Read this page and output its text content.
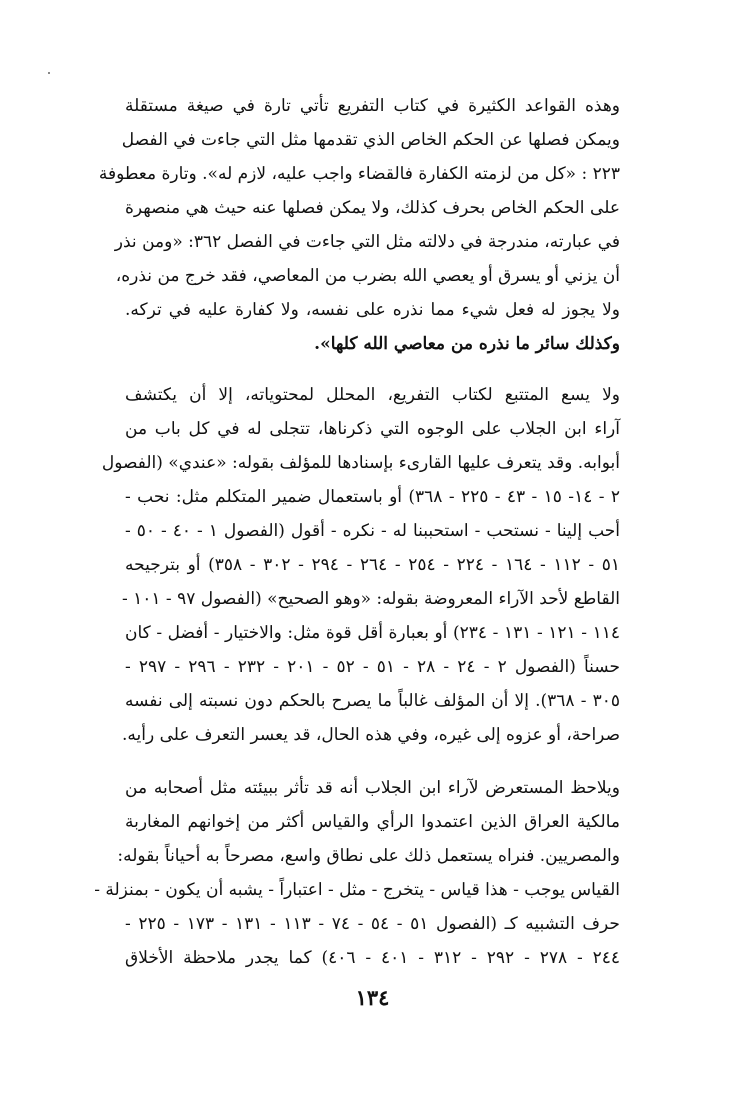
وهذه القواعد الكثيرة في كتاب التفريع تأتي تارة في صيغة مستقلة
ويمكن فصلها عن الحكم الخاص الذي تقدمها مثل التي جاءت في الفصل
٢٢٣ : «كل من لزمته الكفارة فالقضاء واجب عليه، لازم له». وتارة معطوفة
على الحكم الخاص بحرف كذلك، ولا يمكن فصلها عنه حيث هي منصهرة
في عبارته، مندرجة في دلالته مثل التي جاءت في الفصل ٣٦٢: «ومن نذر
أن يزني أو يسرق أو يعصي الله بضرب من المعاصي، فقد خرج من نذره،
ولا يجوز له فعل شيء مما نذره على نفسه، ولا كفارة عليه في تركه.
وكذلك سائر ما نذره من معاصي الله كلها».
ولا يسع المتتبع لكتاب التفريع، المحلل لمحتوياته، إلا أن يكتشف
آراء ابن الجلاب على الوجوه التي ذكرناها، تتجلى له في كل باب من
أبوابه. وقد يتعرف عليها القارىء بإسنادها للمؤلف بقوله: «عندي» (الفصول
٢ - ١٤- ١٥ - ٤٣ - ٢٢٥ - ٣٦٨) أو باستعمال ضمير المتكلم مثل: نحب -
أحب إلينا - نستحب - استحببنا له - نكره - أقول (الفصول ١ - ٤٠ - ٥٠ -
٥١ - ١١٢ - ١٦٤ - ٢٢٤ - ٢٥٤ - ٢٦٤ - ٢٩٤ - ٣٠٢ - ٣٥٨) أو بترجيحه
القاطع لأحد الآراء المعروضة بقوله: «وهو الصحيح» (الفصول ٩٧ - ١٠١ -
١١٤ - ١٢١ - ١٣١ - ٢٣٤) أو بعبارة أقل قوة مثل: والاختيار - أفضل - كان
حسناً (الفصول ٢ - ٢٤ - ٢٨ - ٥١ - ٥٢ - ٢٠١ - ٢٣٢ - ٢٩٦ - ٢٩٧ -
٣٠٥ - ٣٦٨). إلا أن المؤلف غالباً ما يصرح بالحكم دون نسبته إلى نفسه
صراحة، أو عزوه إلى غيره، وفي هذه الحال، قد يعسر التعرف على رأيه.
ويلاحظ المستعرض لآراء ابن الجلاب أنه قد تأثر ببيئته مثل أصحابه من
مالكية العراق الذين اعتمدوا الرأي والقياس أكثر من إخوانهم المغاربة
والمصريين. فنراه يستعمل ذلك على نطاق واسع، مصرحاً به أحياناً بقوله:
القياس يوجب - هذا قياس - يتخرج - مثل - اعتباراً - يشبه أن يكون - بمنزلة -
حرف التشبيه كـ (الفصول ٥١ - ٥٤ - ٧٤ - ١١٣ - ١٣١ - ١٧٣ - ٢٢٥ -
٢٤٤ - ٢٧٨ - ٢٩٢ - ٣١٢ - ٤٠١ - ٤٠٦) كما يجدر ملاحظة الأخلاق
١٣٤
